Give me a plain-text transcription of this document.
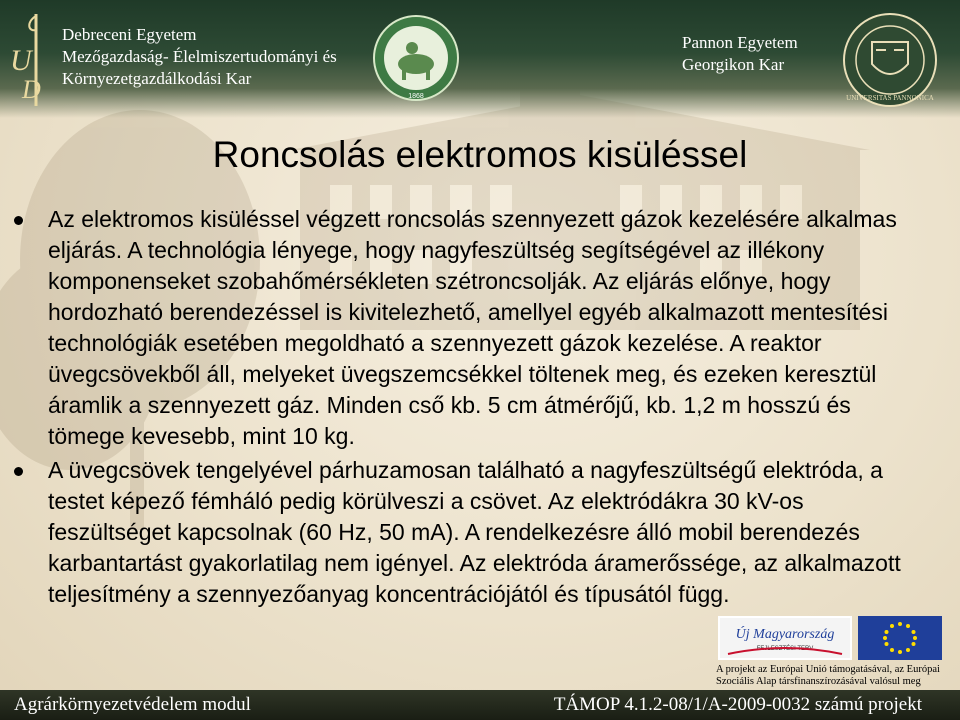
U
D
Debreceni Egyetem
Mezőgazdaság- Élelmiszertudományi és
Környezetgazdálkodási Kar
1868
Pannon Egyetem
Georgikon Kar
UNIVERSITAS PANNONICA
Roncsolás elektromos kisüléssel
Az elektromos kisüléssel végzett roncsolás szennyezett gázok kezelésére alkalmas eljárás. A technológia lényege, hogy nagyfeszültség segítségével az illékony komponenseket szobahőmérsékleten szétroncsolják. Az eljárás előnye, hogy hordozható berendezéssel is kivitelezhető, amellyel egyéb alkalmazott mentesítési technológiák esetében megoldható a szennyezett gázok kezelése. A reaktor üvegcsövekből áll, melyeket üvegszemcsékkel töltenek meg, és ezeken keresztül áramlik a szennyezett gáz. Minden cső kb. 5 cm átmérőjű, kb. 1,2 m hosszú és tömege kevesebb, mint 10 kg.
A üvegcsövek tengelyével párhuzamosan található a nagyfeszültségű elektróda, a testet képező fémháló pedig körülveszi a csövet. Az elektródákra 30 kV-os feszültséget kapcsolnak (60 Hz, 50 mA). A rendelkezésre álló mobil berendezés karbantartást gyakorlatilag nem igényel. Az elektróda áramerőssége, az alkalmazott teljesítmény a szennyezőanyag koncentrációjától és típusától függ.
Új Magyarország
FEJLESZTÉSI TERV
A projekt az Európai Unió támogatásával, az Európai Szociális Alap társfinanszírozásával valósul meg
Agrárkörnyezetvédelem modul	TÁMOP 4.1.2-08/1/A-2009-0032 számú projekt
